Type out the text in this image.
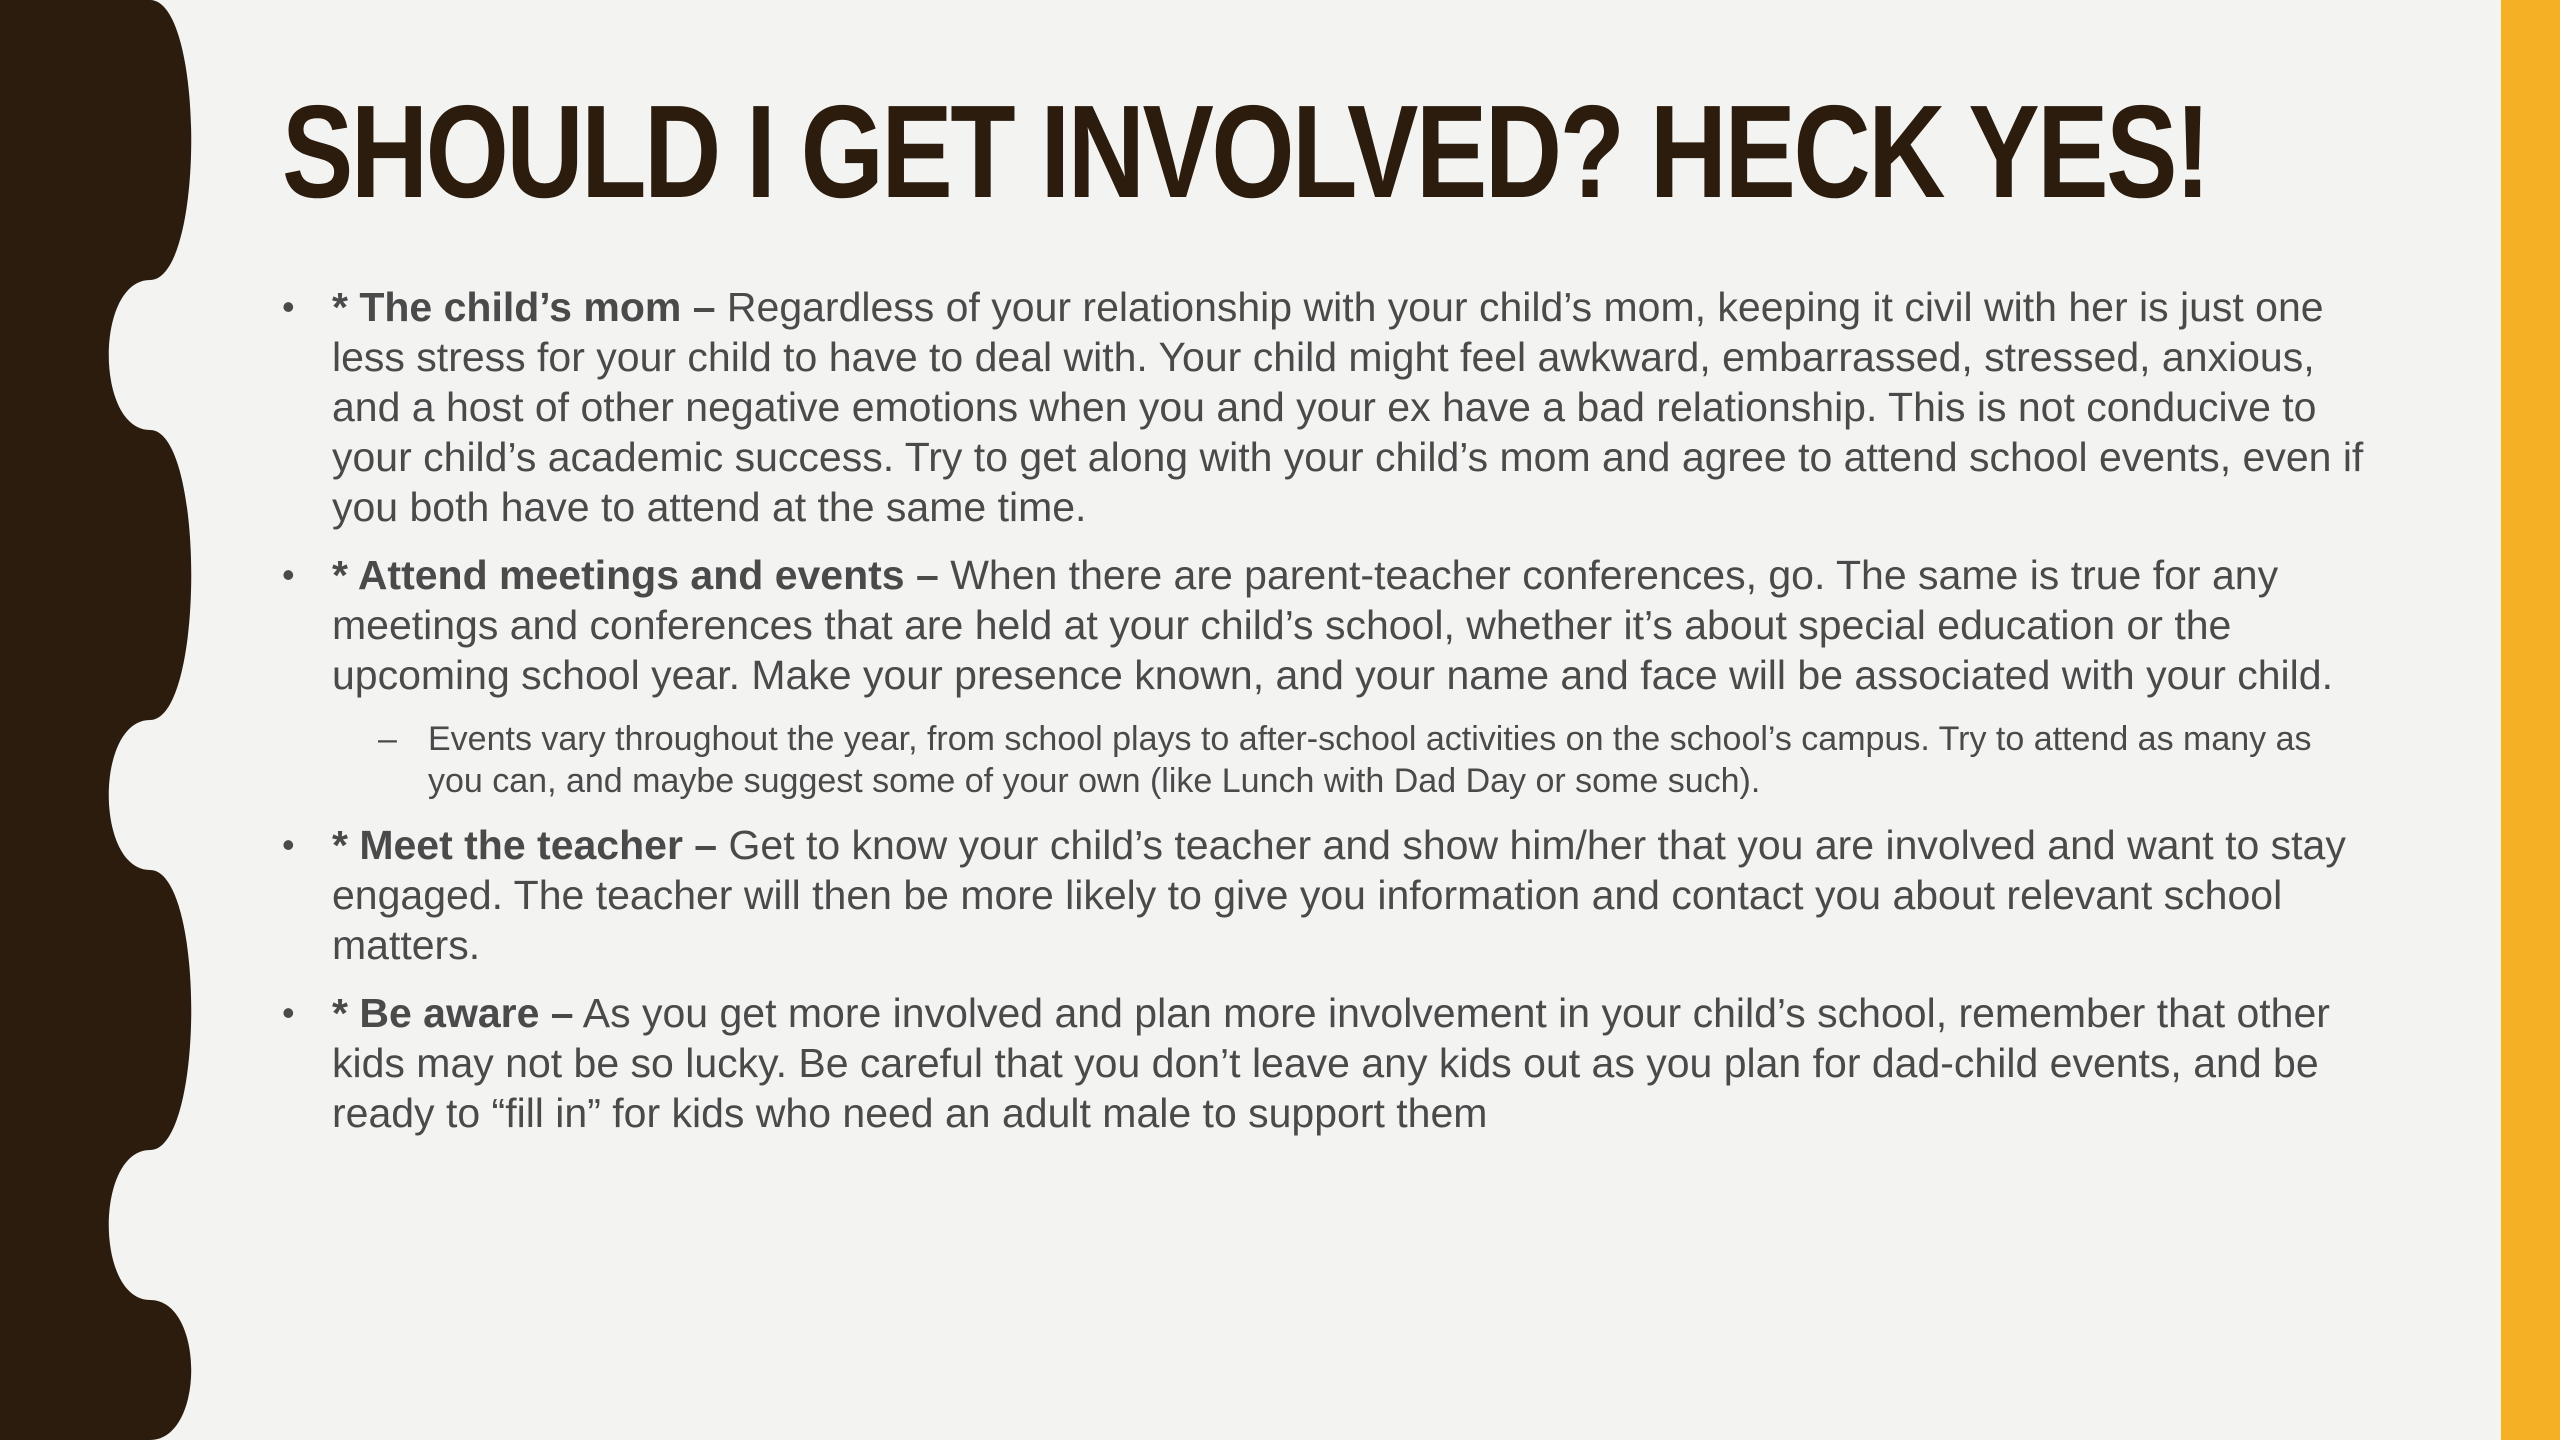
SHOULD I GET INVOLVED? HECK YES!
• * The child’s mom – Regardless of your relationship with your child’s mom, keeping it civil with her is just one less stress for your child to have to deal with. Your child might feel awkward, embarrassed, stressed, anxious, and a host of other negative emotions when you and your ex have a bad relationship. This is not conducive to your child’s academic success. Try to get along with your child’s mom and agree to attend school events, even if you both have to attend at the same time.
• * Attend meetings and events – When there are parent-teacher conferences, go. The same is true for any meetings and conferences that are held at your child’s school, whether it’s about special education or the upcoming school year. Make your presence known, and your name and face will be associated with your child.
– Events vary throughout the year, from school plays to after-school activities on the school’s campus. Try to attend as many as you can, and maybe suggest some of your own (like Lunch with Dad Day or some such).
• * Meet the teacher – Get to know your child’s teacher and show him/her that you are involved and want to stay engaged. The teacher will then be more likely to give you information and contact you about relevant school matters.
• * Be aware – As you get more involved and plan more involvement in your child’s school, remember that other kids may not be so lucky. Be careful that you don’t leave any kids out as you plan for dad-child events, and be ready to “fill in” for kids who need an adult male to support them
